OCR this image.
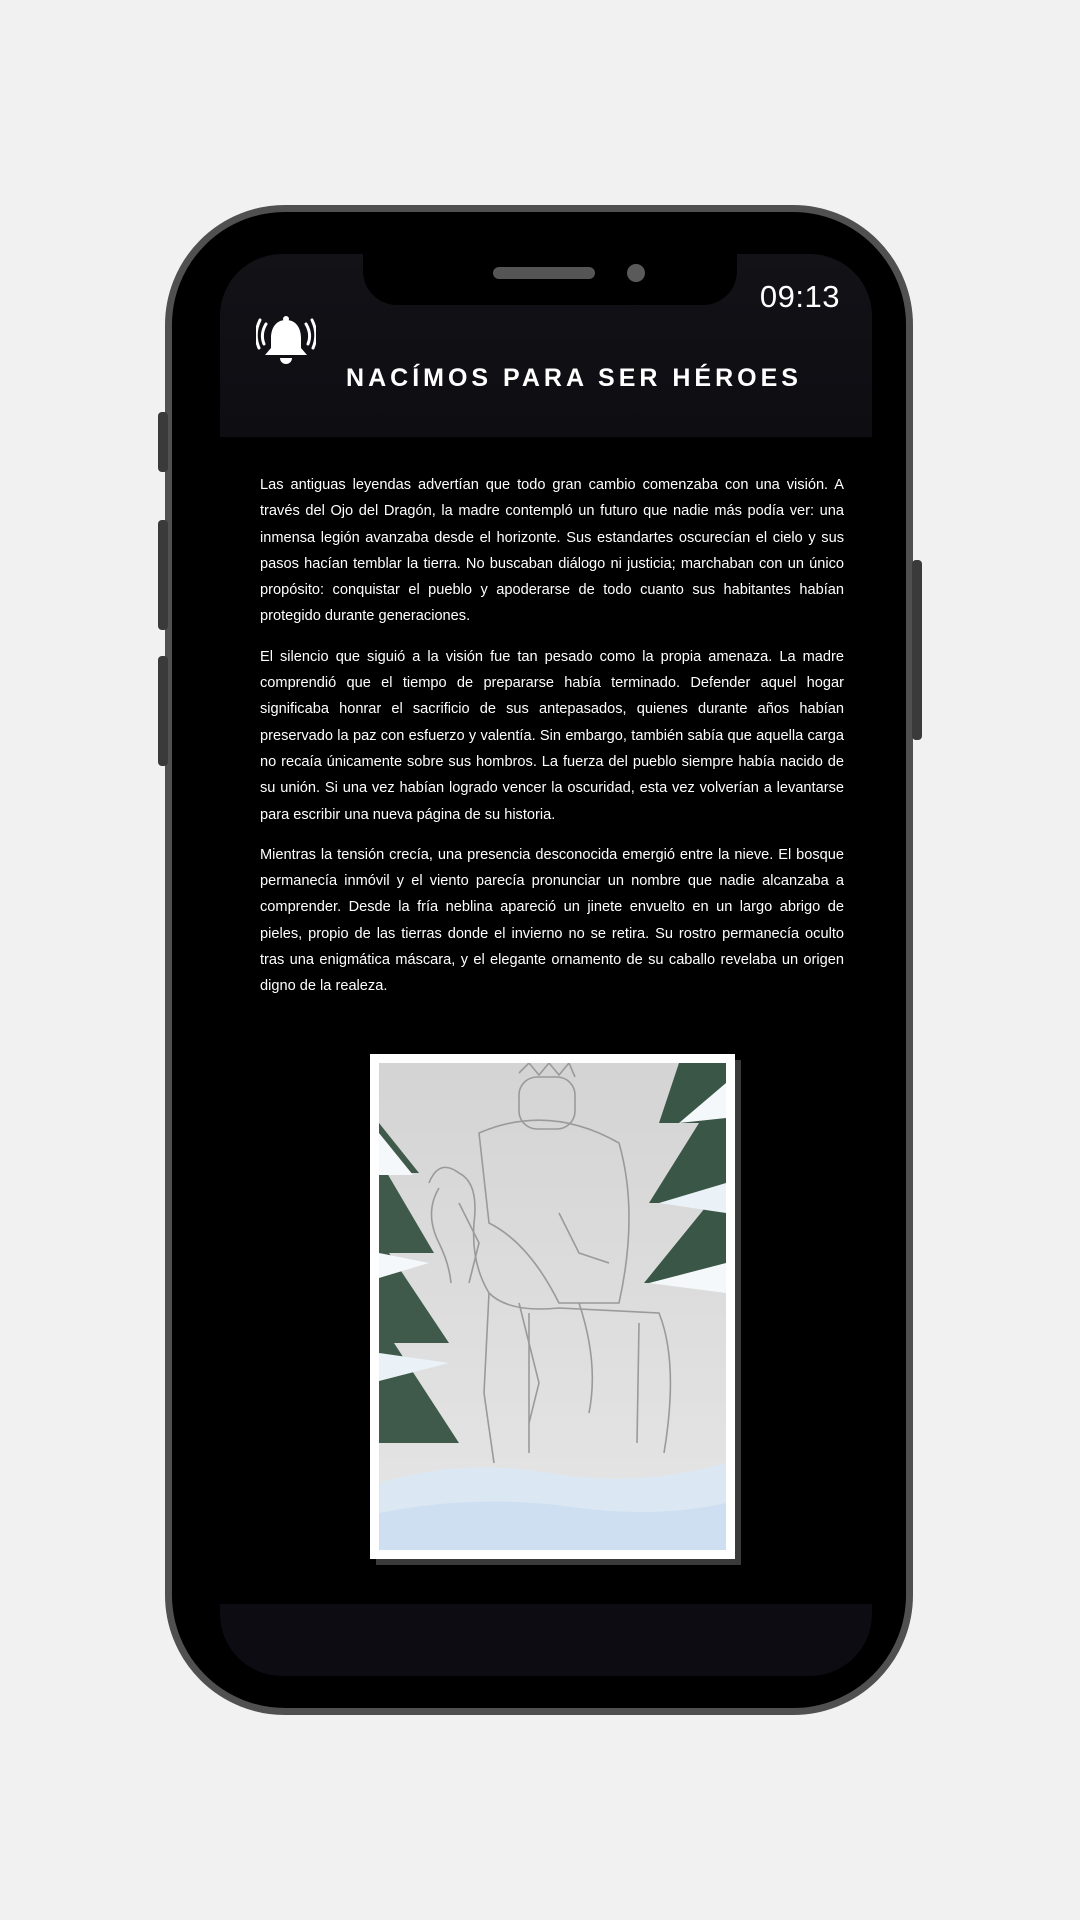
09:13
NACÍMOS PARA SER HÉROES

Las antiguas leyendas advertían que todo gran cambio comenzaba con una visión. A través del Ojo del Dragón, la madre contempló un futuro que nadie más podía ver: una inmensa legión avanzaba desde el horizonte. Sus estandartes oscurecían el cielo y sus pasos hacían temblar la tierra. No buscaban diálogo ni justicia; marchaban con un único propósito: conquistar el pueblo y apoderarse de todo cuanto sus habitantes habían protegido durante generaciones.

El silencio que siguió a la visión fue tan pesado como la propia amenaza. La madre comprendió que el tiempo de prepararse había terminado. Defender aquel hogar significaba honrar el sacrificio de sus antepasados, quienes durante años habían preservado la paz con esfuerzo y valentía. Sin embargo, también sabía que aquella carga no recaía únicamente sobre sus hombros. La fuerza del pueblo siempre había nacido de su unión. Si una vez habían logrado vencer la oscuridad, esta vez volverían a levantarse para escribir una nueva página de su historia.

Mientras la tensión crecía, una presencia desconocida emergió entre la nieve. El bosque permanecía inmóvil y el viento parecía pronunciar un nombre que nadie alcanzaba a comprender. Desde la fría neblina apareció un jinete envuelto en un largo abrigo de pieles, propio de las tierras donde el invierno no se retira. Su rostro permanecía oculto tras una enigmática máscara, y el elegante ornamento de su caballo revelaba un origen digno de la realeza.
